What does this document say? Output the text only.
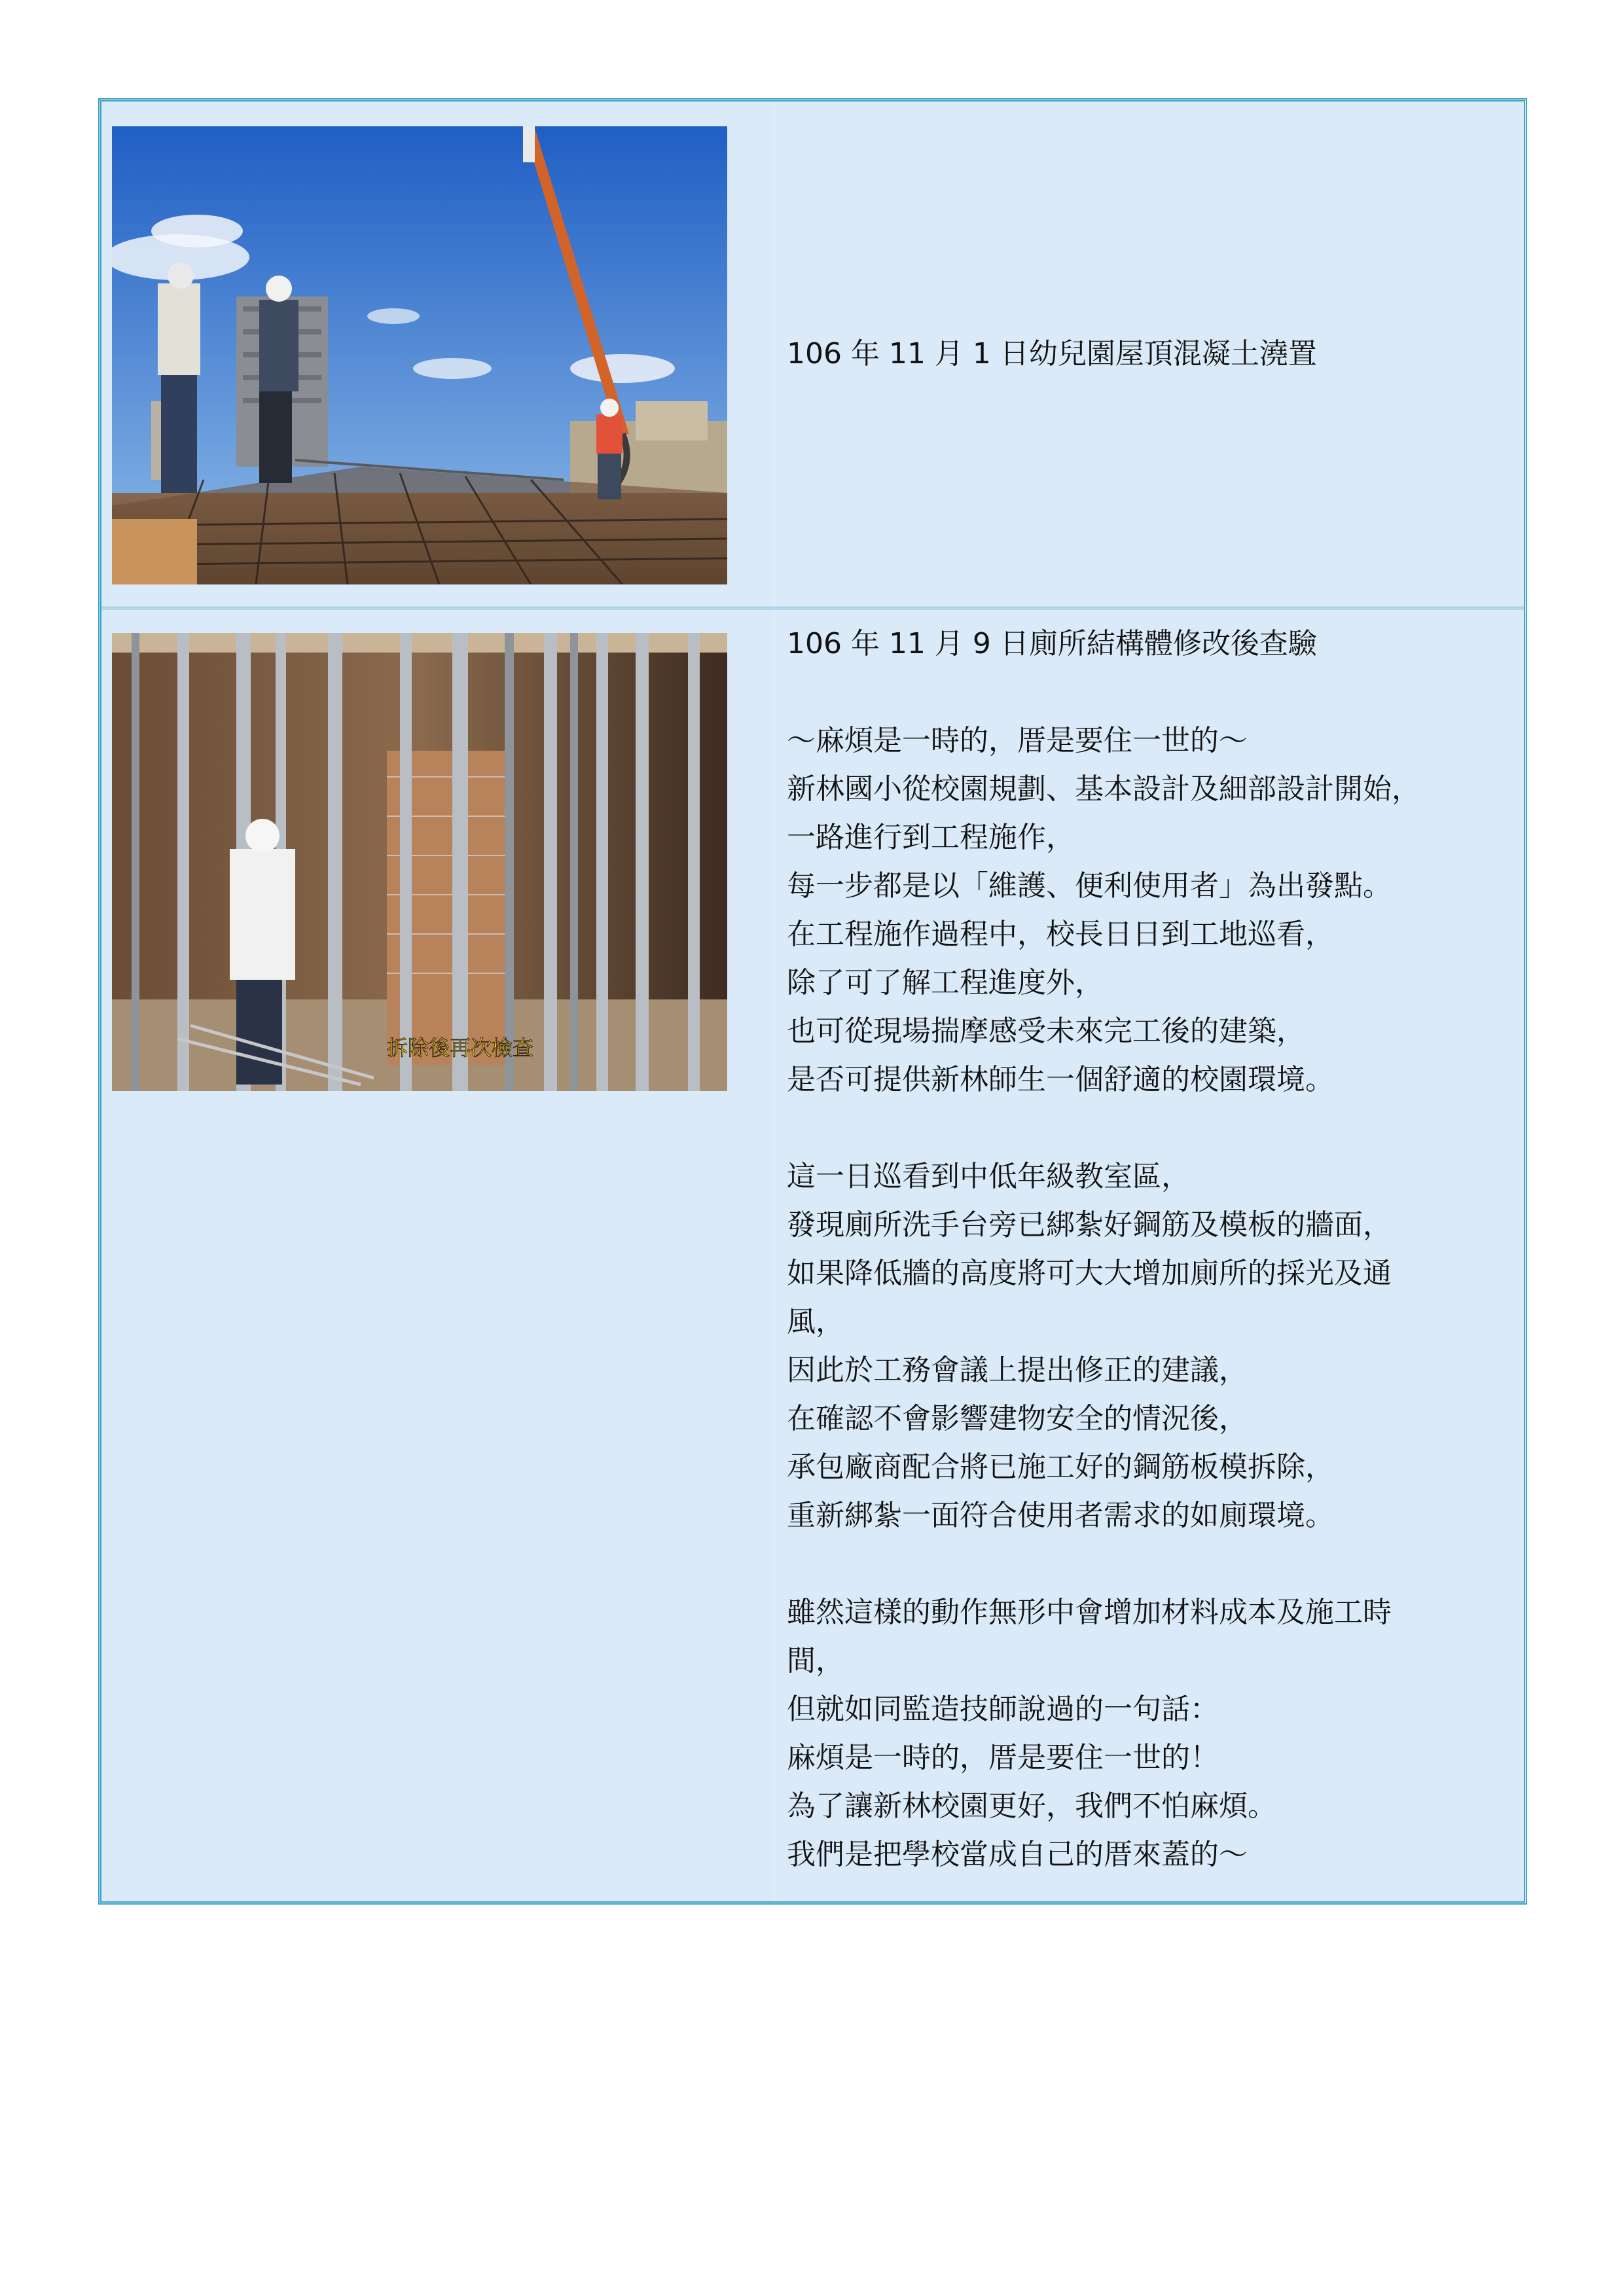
106 年 11 月 1 日幼兒園屋頂混凝土澆置

拆除後再次檢查

106 年 11 月 9 日廁所結構體修改後查驗

～麻煩是一時的，厝是要住一世的～

新林國小從校園規劃、基本設計及細部設計開始，

一路進行到工程施作，

每一步都是以「維護、便利使用者」為出發點。

在工程施作過程中，校長日日到工地巡看，

除了可了解工程進度外，

也可從現場揣摩感受未來完工後的建築，

是否可提供新林師生一個舒適的校園環境。

這一日巡看到中低年級教室區，

發現廁所洗手台旁已綁紮好鋼筋及模板的牆面，

如果降低牆的高度將可大大增加廁所的採光及通

風，

因此於工務會議上提出修正的建議，

在確認不會影響建物安全的情況後，

承包廠商配合將已施工好的鋼筋板模拆除，

重新綁紮一面符合使用者需求的如廁環境。

雖然這樣的動作無形中會增加材料成本及施工時

間，

但就如同監造技師說過的一句話：

麻煩是一時的，厝是要住一世的！

為了讓新林校園更好，我們不怕麻煩。

我們是把學校當成自己的厝來蓋的～
